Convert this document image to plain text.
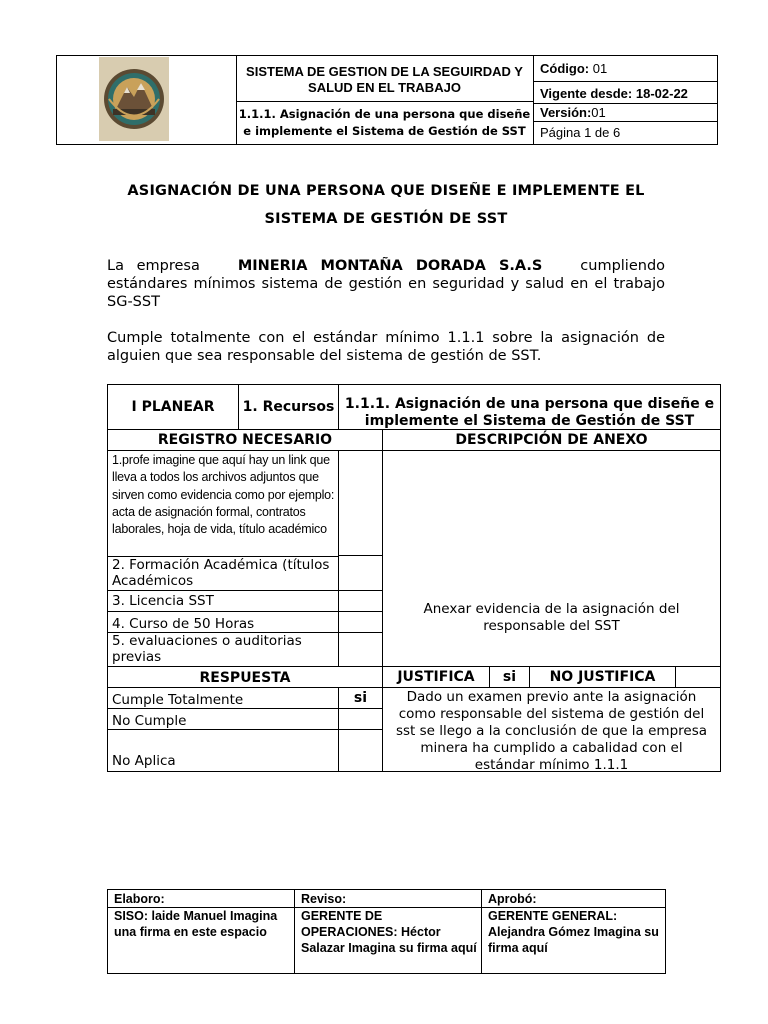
SISTEMA DE GESTION DE LA SEGUIRDAD Y SALUD EN EL TRABAJO
1.1.1. Asignación de una persona que diseñe e implemente el Sistema de Gestión de SST
Código: 01
Vigente desde: 18-02-22
Versión:01
Página 1 de 6
ASIGNACIÓN DE UNA PERSONA QUE DISEÑE E IMPLEMENTE EL
SISTEMA DE GESTIÓN DE SST
La empresa	MINERIA MONTAÑA DORADA S.A.S	cumpliendo estándares mínimos sistema de gestión en seguridad y salud en el trabajo SG-SST
Cumple totalmente con el estándar mínimo 1.1.1 sobre la asignación de alguien que sea responsable del sistema de gestión de SST.
I PLANEAR	1. Recursos 1.1.1. Asignación de una persona que diseñe e implemente el Sistema de Gestión de SST
REGISTRO NECESARIO	DESCRIPCIÓN DE ANEXO
1.profe imagine que aquí hay un link que lleva a todos los archivos adjuntos que sirven como evidencia como por ejemplo: acta de asignación formal, contratos laborales, hoja de vida, título académico
2. Formación Académica (títulos Académicos
3. Licencia SST
4. Curso de 50 Horas
5. evaluaciones o auditorias previas
Anexar evidencia de la asignación del responsable del SST
RESPUESTA	JUSTIFICA	si	NO JUSTIFICA
Cumple Totalmente	si
No Cumple
No Aplica
Dado un examen previo ante la asignación como responsable del sistema de gestión del sst se llego a la conclusión de que la empresa minera ha cumplido a cabalidad con el estándar mínimo 1.1.1
Elaboro:	Reviso:	Aprobó:
SISO: laide Manuel Imagina una firma en este espacio
GERENTE DE OPERACIONES: Héctor Salazar Imagina su firma aquí
GERENTE GENERAL: Alejandra Gómez Imagina su firma aquí
